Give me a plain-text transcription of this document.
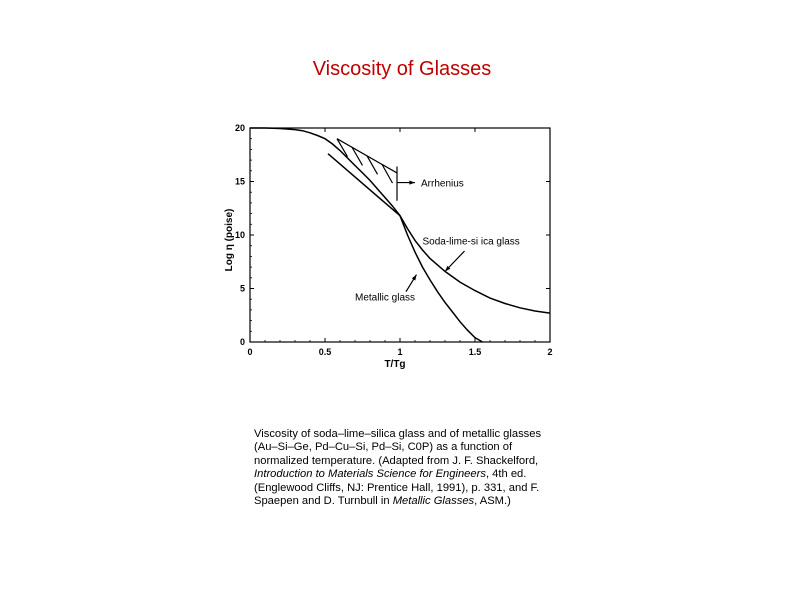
Viscosity of Glasses
0	0.5	1	1.5	2
0
5
10
15
20
T/Tg
Log η (poise)
Arrhenius
Soda-lime-si ica glass
Metallic glass
Viscosity of soda–lime–silica glass and of metallic glasses (Au–Si–Ge, Pd–Cu–Si, Pd–Si, C0P) as a function of normalized temperature. (Adapted from J. F. Shackelford, Introduction to Materials Science for Engineers, 4th ed. (Englewood Cliffs, NJ: Prentice Hall, 1991), p. 331, and F. Spaepen and D. Turnbull in Metallic Glasses, ASM.)
